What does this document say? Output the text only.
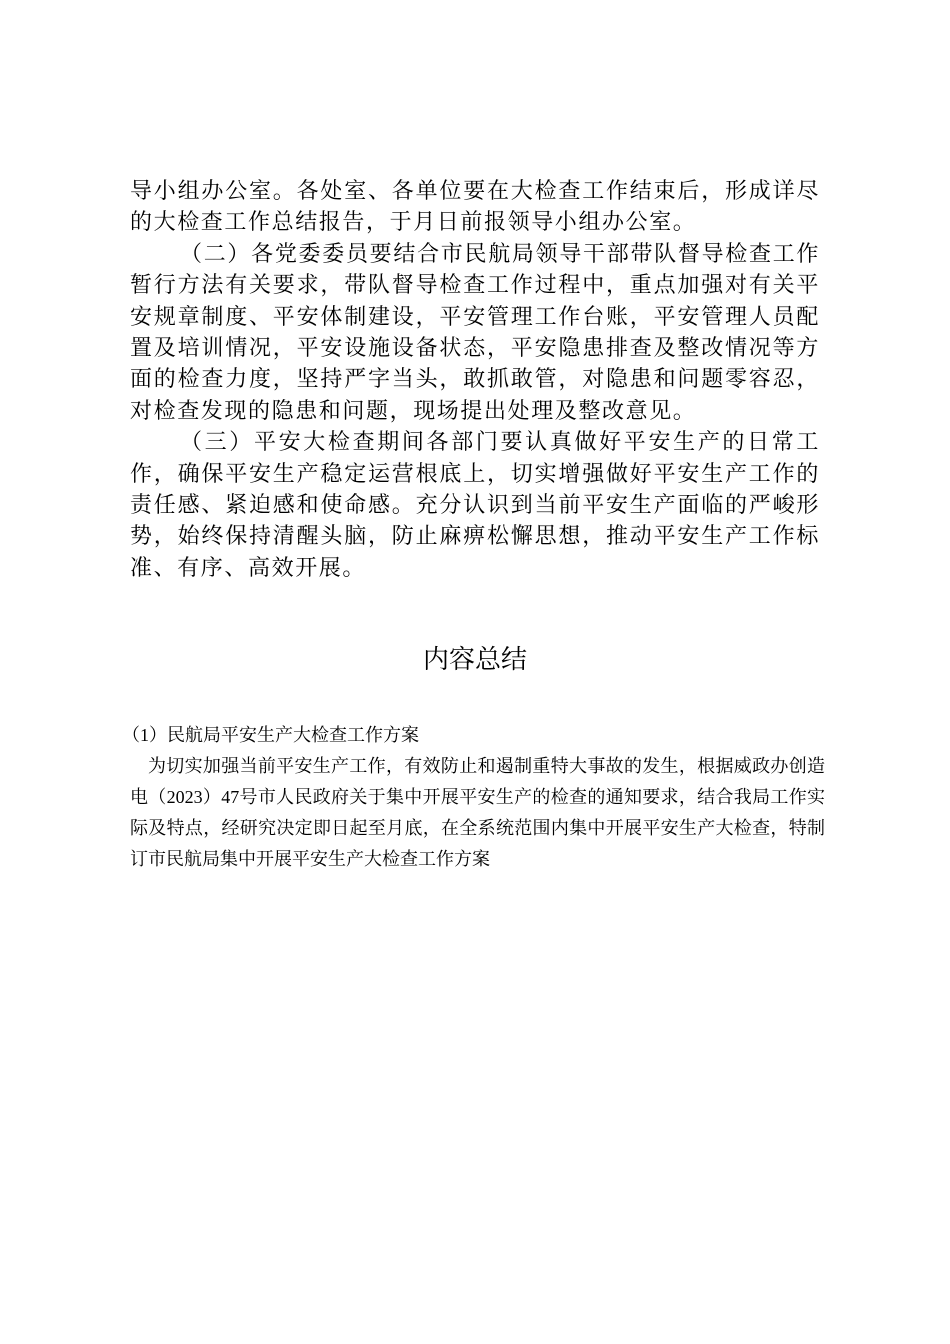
导小组办公室。各处室、各单位要在大检查工作结束后，形成详尽的大检查工作总结报告，于月日前报领导小组办公室。

（二）各党委委员要结合市民航局领导干部带队督导检查工作暂行方法有关要求，带队督导检查工作过程中，重点加强对有关平安规章制度、平安体制建设，平安管理工作台账，平安管理人员配置及培训情况，平安设施设备状态，平安隐患排查及整改情况等方面的检查力度，坚持严字当头，敢抓敢管，对隐患和问题零容忍，对检查发现的隐患和问题，现场提出处理及整改意见。

（三）平安大检查期间各部门要认真做好平安生产的日常工作，确保平安生产稳定运营根底上，切实增强做好平安生产工作的责任感、紧迫感和使命感。充分认识到当前平安生产面临的严峻形势，始终保持清醒头脑，防止麻痹松懈思想，推动平安生产工作标准、有序、高效开展。

内容总结

（1）民航局平安生产大检查工作方案

为切实加强当前平安生产工作，有效防止和遏制重特大事故的发生，根据威政办创造电（2023）47号市人民政府关于集中开展平安生产的检查的通知要求，结合我局工作实际及特点，经研究决定即日起至月底，在全系统范围内集中开展平安生产大检查，特制订市民航局集中开展平安生产大检查工作方案
